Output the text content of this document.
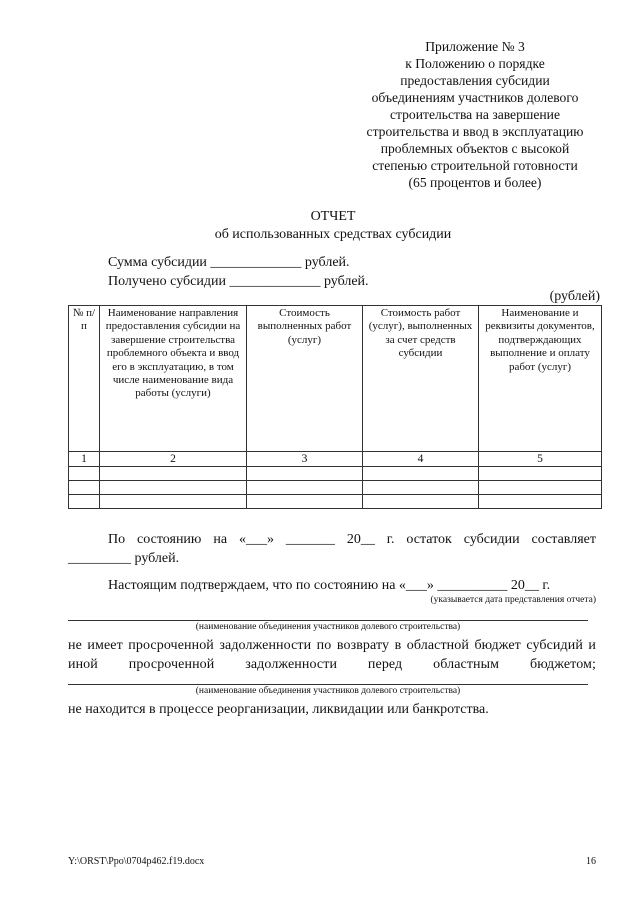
Приложение № 3
к Положению о порядке
предоставления субсидии
объединениям участников долевого
строительства на завершение
строительства и ввод в эксплуатацию
проблемных объектов с высокой
степенью строительной готовности
(65 процентов и более)
ОТЧЕТ
об использованных средствах субсидии
Сумма субсидии _____________ рублей.
Получено субсидии _____________ рублей.
(рублей)
№ п/п	Наименование направления предоставления субсидии на завершение строительства проблемного объекта и ввод его в эксплуатацию, в том числе наименование вида работы (услуги)	Стоимость выполненных работ (услуг)	Стоимость работ (услуг), выполненных за счет средств субсидии	Наименование и реквизиты документов, подтверждающих выполнение и оплату работ (услуг)
1	2	3	4	5

По состоянию на «___» _______ 20__ г. остаток субсидии составляет
_________ рублей.
Настоящим подтверждаем, что по состоянию на «___» __________ 20__ г.
(указывается дата представления отчета)
(наименование объединения участников долевого строительства)
не имеет просроченной задолженности по возврату в областной бюджет субсидий и иной просроченной задолженности перед областным бюджетом;
(наименование объединения участников долевого строительства)
не находится в процессе реорганизации, ликвидации или банкротства.
Y:\ORST\Ppo\0704p462.f19.docx	16
